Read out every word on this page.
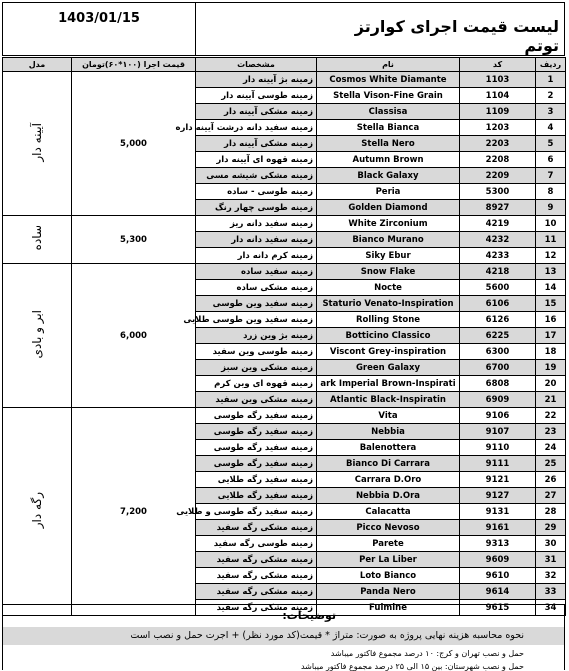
1403/01/15	لیست قیمت اجرای کوارتز توتم
مدل	قیمت اجرا (۱۰۰*۶۰)تومان	مشخصات	نام	کد	ردیف
آیینه دار	5,000	زمینه بژ آیینه دار	Cosmos White Diamante	1103	1
		زمینه طوسی آیینه دار	Stella Vison-Fine Grain	1104	2
		زمینه مشکی آیینه دار	Classisa	1109	3
		زمینه سفید دانه درشت آیینه داره	Stella Bianca	1203	4
		زمینه مشکی آیینه دار	Stella Nero	2203	5
		زمینه قهوه ای آیینه دار	Autumn Brown	2208	6
		زمینه مشکی شیشه مسی	Black Galaxy	2209	7
		زمینه طوسی - ساده	Peria	5300	8
		زمینه طوسی چهار رنگ	Golden Diamond	8927	9
ساده	5,300	زمینه سفید دانه ریز	White Zirconium	4219	10
		زمینه سفید دانه دار	Bianco Murano	4232	11
		زمینه کرم دانه دار	Siky Ebur	4233	12
ابر و بادی	6,000	زمینه سفید ساده	Snow Flake	4218	13
		زمینه مشکی ساده	Nocte	5600	14
		زمینه سفید وین طوسی	Staturio Venato-Inspiration	6106	15
		زمینه سفید وین طوسی طلایی	Rolling Stone	6126	16
		زمینه بژ وین زرد	Botticino Classico	6225	17
		زمینه طوسی وین سفید	Viscont Grey-inspiration	6300	18
		زمینه مشکی وین سبز	Green Galaxy	6700	19
		زمینه قهوه ای وین کرم	ark Imperial Brown-Inspirati	6808	20
		زمینه مشکی وین سفید	Atlantic Black-Inspiratin	6909	21
رگه دار	7,200	زمینه سفید رگه طوسی	Vita	9106	22
		زمینه سفید رگه طوسی	Nebbia	9107	23
		زمینه سفید رگه طوسی	Balenottera	9110	24
		زمینه سفید رگه طوسی	Bianco Di Carrara	9111	25
		زمینه سفید رگه طلایی	Carrara D.Oro	9121	26
		زمینه سفید رگه طلایی	Nebbia D.Ora	9127	27
		زمینه سفید رگه طوسی و طلایی	Calacatta	9131	28
		زمینه مشکی رگه سفید	Picco Nevoso	9161	29
		زمینه طوسی رگه سفید	Parete	9313	30
		زمینه مشکی رگه سفید	Per La Liber	9609	31
		زمینه مشکی رگه سفید	Loto Bianco	9610	32
		زمینه مشکی رگه سفید	Panda Nero	9614	33
		زمینه مشکی رگه سفید	Fulmine	9615	34
توضیحات:
نحوه محاسبه هزینه نهایی پروژه به صورت: متراژ * قیمت(کد مورد نظر) + اجرت حمل و نصب است
حمل و نصب تهران و کرج: ۱۰ درصد مجموع فاکتور میباشد
حمل و نصب شهرستان: بین ۱۵ الی ۲۵ درصد مجموع فاکتور میباشد
